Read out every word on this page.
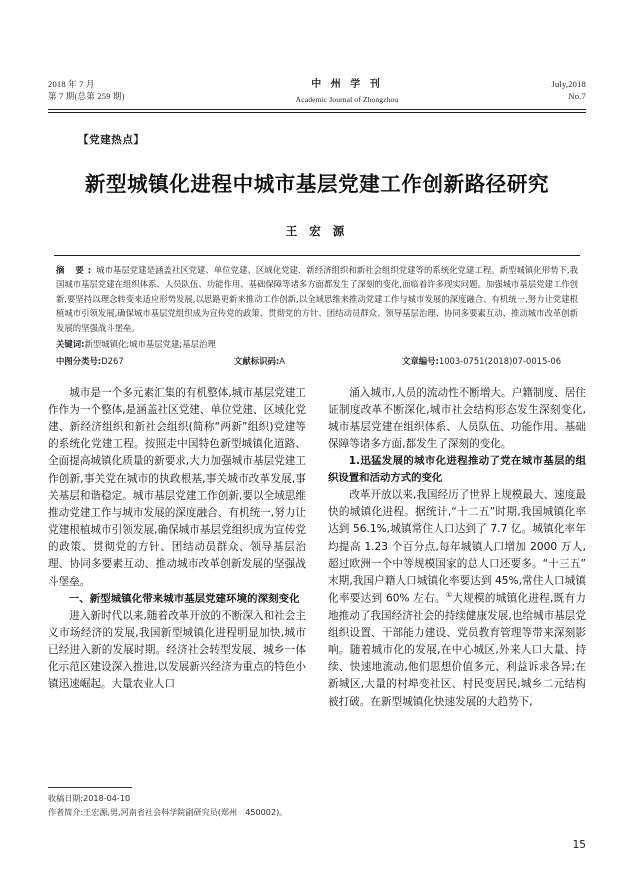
2018 年 7 月
第 7 期(总第 259 期)
中 州 学 刊
Academic Journal of Zhongzhou
July,2018
No.7
【党建热点】
新型城镇化进程中城市基层党建工作创新路径研究
王 宏 源
摘 要:城市基层党建是涵盖社区党建、单位党建、区域化党建、新经济组织和新社会组织党建等的系统化党建工程。新型城镇化形势下,我国城市基层党建在组织体系、人员队伍、功能作用、基础保障等诸多方面都发生了深刻的变化,面临着许多现实问题。加强城市基层党建工作创新,要坚持以理念转变来适应形势发展,以思路更新来推动工作创新,以全域思维来推动党建工作与城市发展的深度融合、有机统一,努力让党建根植城市引领发展,确保城市基层党组织成为宣传党的政策、贯彻党的方针、团结动员群众、领导基层治理、协同多要素互动、推动城市改革创新发展的坚强战斗堡垒。
关键词:新型城镇化;城市基层党建;基层治理
中图分类号:D267	文献标识码:A	文章编号:1003-0751(2018)07-0015-06

城市是一个多元素汇集的有机整体,城市基层党建工作作为一个整体,是涵盖社区党建、单位党建、区域化党建、新经济组织和新社会组织(简称“两新”组织)党建等的系统化党建工程。按照走中国特色新型城镇化道路、全面提高城镇化质量的新要求,大力加强城市基层党建工作创新,事关党在城市的执政根基,事关城市改革发展,事关基层和谐稳定。城市基层党建工作创新,要以全域思维推动党建工作与城市发展的深度融合、有机统一,努力让党建根植城市引领发展,确保城市基层党组织成为宣传党的政策、贯彻党的方针、团结动员群众、领导基层治理、协同多要素互动、推动城市改革创新发展的坚强战斗堡垒。

一、新型城镇化带来城市基层党建环境的深刻变化

进入新时代以来,随着改革开放的不断深入和社会主义市场经济的发展,我国新型城镇化进程明显加快,城市已经进入新的发展时期。经济社会转型发展、城乡一体化示范区建设深入推进,以发展新兴经济为重点的特色小镇迅速崛起。大量农业人口

涌入城市,人员的流动性不断增大。户籍制度、居住证制度改革不断深化,城市社会结构形态发生深刻变化,城市基层党建在组织体系、人员队伍、功能作用、基础保障等诸多方面,都发生了深刻的变化。

1.迅猛发展的城市化进程推动了党在城市基层的组织设置和活动方式的变化

改革开放以来,我国经历了世界上规模最大、速度最快的城镇化进程。据统计,“十二五”时期,我国城镇化率达到 56.1%,城镇常住人口达到了 7.7 亿。城镇化率年均提高 1.23 个百分点,每年城镇人口增加 2000 万人,超过欧洲一个中等规模国家的总人口还要多。“十三五”末期,我国户籍人口城镇化率要达到 45%,常住人口城镇化率要达到 60% 左右。①大规模的城镇化进程,既有力地推动了我国经济社会的持续健康发展,也给城市基层党组织设置、干部能力建设、党员教育管理等带来深刻影响。随着城市化的发展,在中心城区,外来人口大量、持续、快速地流动,他们思想价值多元、利益诉求各异;在新城区,大量的村埠变社区、村民变居民,城乡二元结构被打破。在新型城镇化快速发展的大趋势下,

收稿日期:2018-04-10
作者简介:王宏源,男,河南省社会科学院副研究员(郑州　450002)。
15
